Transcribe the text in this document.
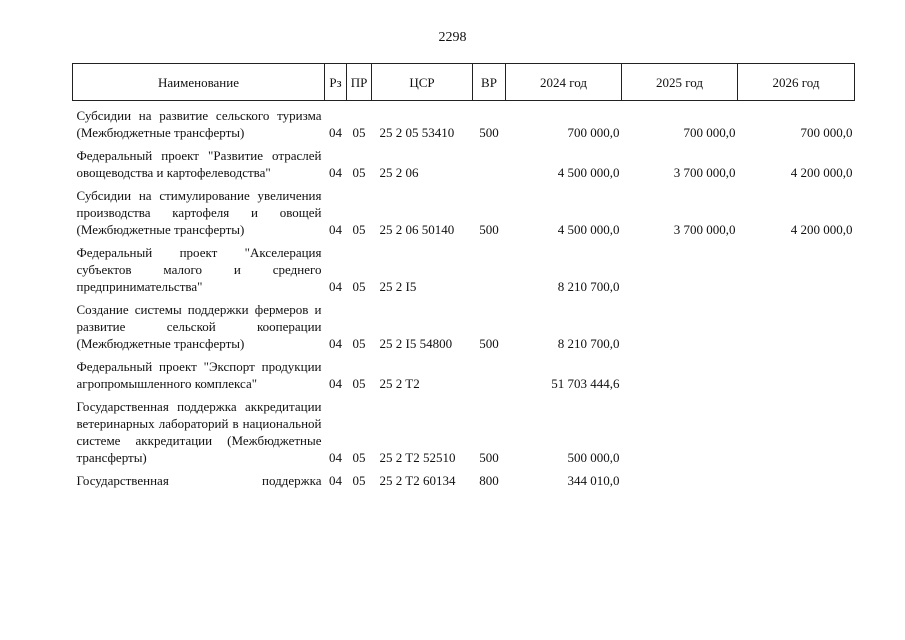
2298
Наименование	Рз	ПР	ЦСР	ВР	2024 год	2025 год	2026 год
Субсидии на развитие сельского туризма (Межбюджетные трансферты)	04	05	25 2 05 53410	500	700 000,0	700 000,0	700 000,0
Федеральный проект "Развитие отраслей овощеводства и картофелеводства"	04	05	25 2 06		4 500 000,0	3 700 000,0	4 200 000,0
Субсидии на стимулирование увеличения производства картофеля и овощей (Межбюджетные трансферты)	04	05	25 2 06 50140	500	4 500 000,0	3 700 000,0	4 200 000,0
Федеральный проект "Акселерация субъектов малого и среднего предпринимательства"	04	05	25 2 I5		8 210 700,0		
Создание системы поддержки фермеров и развитие сельской кооперации (Межбюджетные трансферты)	04	05	25 2 I5 54800	500	8 210 700,0		
Федеральный проект "Экспорт продукции агропромышленного комплекса"	04	05	25 2 T2		51 703 444,6		
Государственная поддержка аккредитации ветеринарных лабораторий в национальной системе аккредитации (Межбюджетные трансферты)	04	05	25 2 T2 52510	500	500 000,0		
Государственная поддержка	04	05	25 2 T2 60134	800	344 010,0		
